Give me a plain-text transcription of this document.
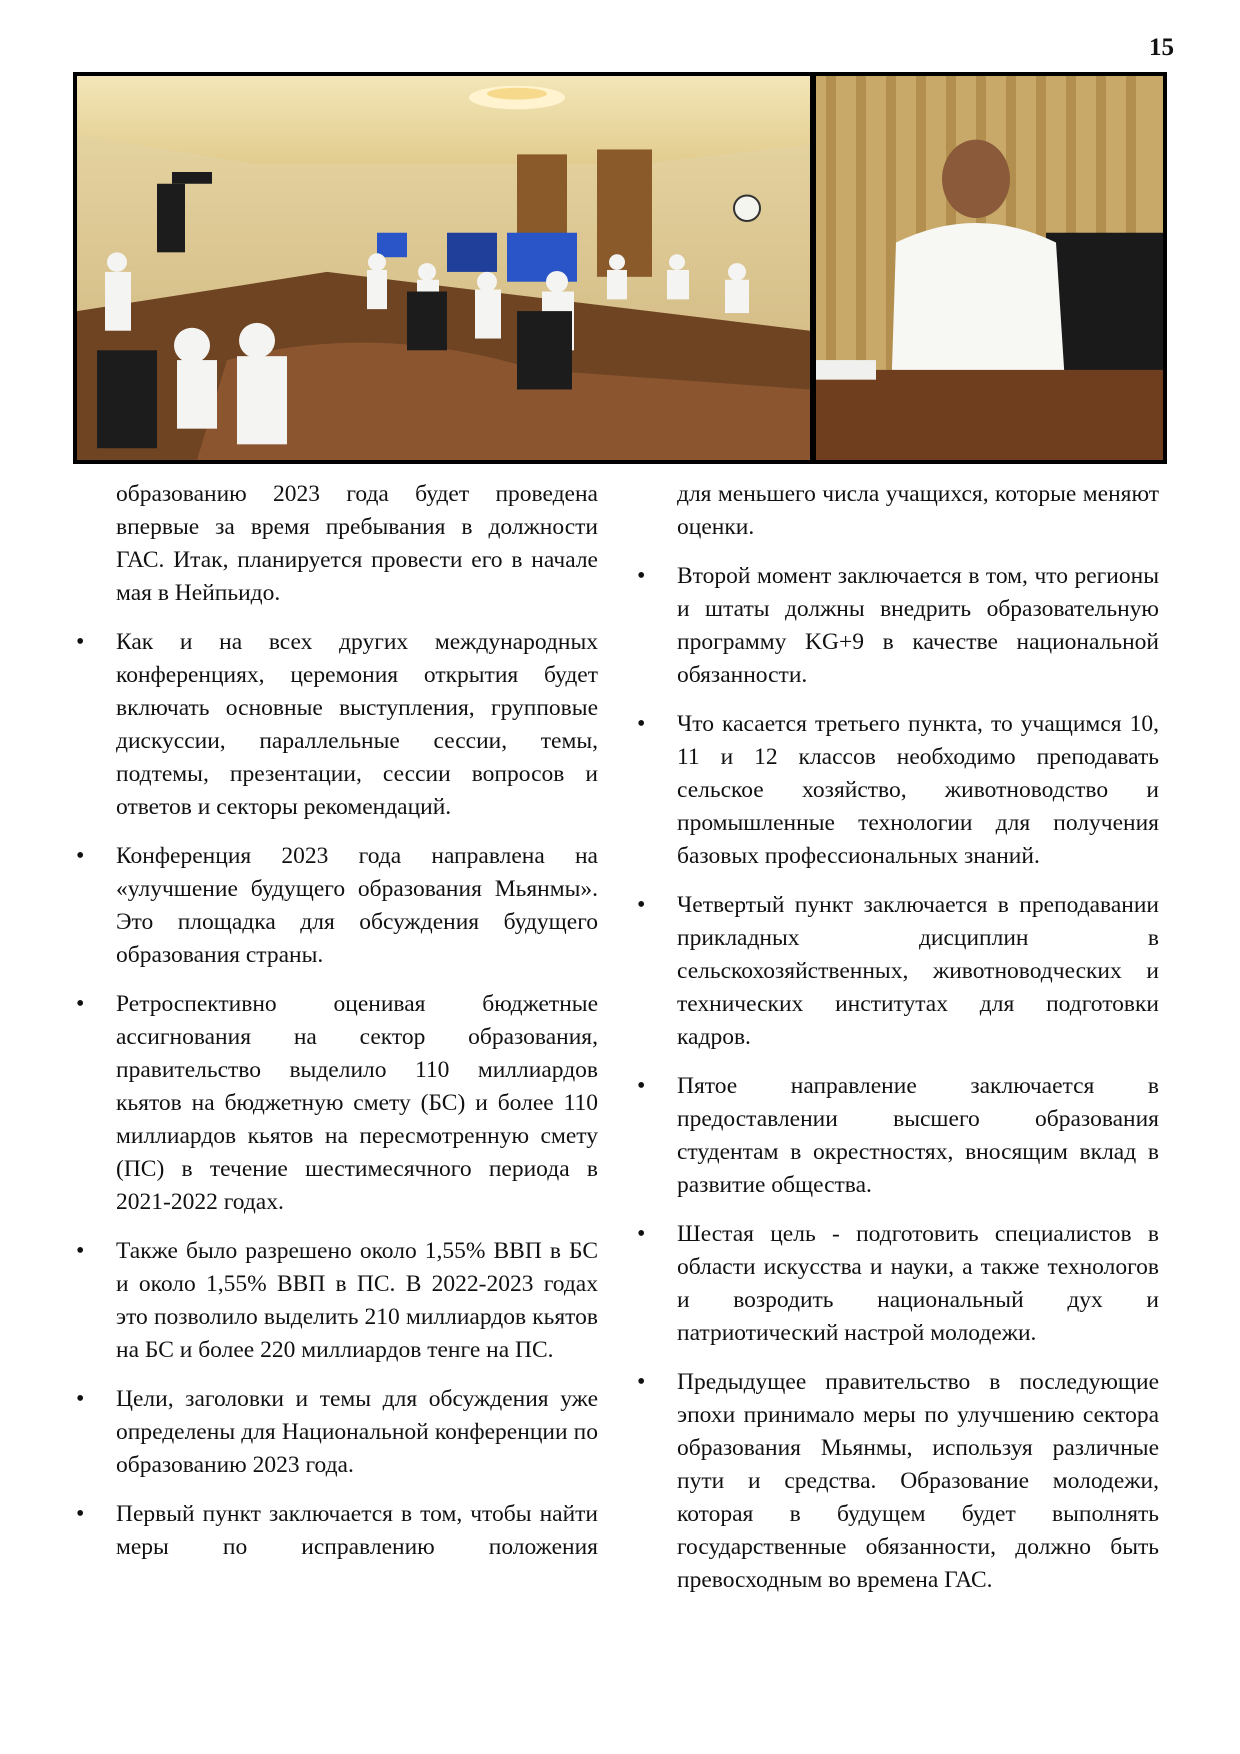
15

образованию 2023 года будет проведена впервые за время пребывания в должности ГАС. Итак, планируется провести его в начале мая в Нейпьидо.

• Как и на всех других международных конференциях, церемония открытия будет включать основные выступления, групповые дискуссии, параллельные сессии, темы, подтемы, презентации, сессии вопросов и ответов и секторы рекомендаций.
• Конференция 2023 года направлена на «улучшение будущего образования Мьянмы». Это площадка для обсуждения будущего образования страны.
• Ретроспективно оценивая бюджетные ассигнования на сектор образования, правительство выделило 110 миллиардов кьятов на бюджетную смету (БС) и более 110 миллиардов кьятов на пересмотренную смету (ПС) в течение шестимесячного периода в 2021-2022 годах.
• Также было разрешено около 1,55% ВВП в БС и около 1,55% ВВП в ПС. В 2022-2023 годах это позволило выделить 210 миллиардов кьятов на БС и более 220 миллиардов тенге на ПС.
• Цели, заголовки и темы для обсуждения уже определены для Национальной конференции по образованию 2023 года.
• Первый пункт заключается в том, чтобы найти меры по исправлению положения

для меньшего числа учащихся, которые меняют оценки.

• Второй момент заключается в том, что регионы и штаты должны внедрить образовательную программу KG+9 в качестве национальной обязанности.
• Что касается третьего пункта, то учащимся 10, 11 и 12 классов необходимо преподавать сельское хозяйство, животноводство и промышленные технологии для получения базовых профессиональных знаний.
• Четвертый пункт заключается в преподавании прикладных дисциплин в сельскохозяйственных, животноводческих и технических институтах для подготовки кадров.
• Пятое направление заключается в предоставлении высшего образования студентам в окрестностях, вносящим вклад в развитие общества.
• Шестая цель - подготовить специалистов в области искусства и науки, а также технологов и возродить национальный дух и патриотический настрой молодежи.
• Предыдущее правительство в последующие эпохи принимало меры по улучшению сектора образования Мьянмы, используя различные пути и средства. Образование молодежи, которая в будущем будет выполнять государственные обязанности, должно быть превосходным во времена ГАС.
